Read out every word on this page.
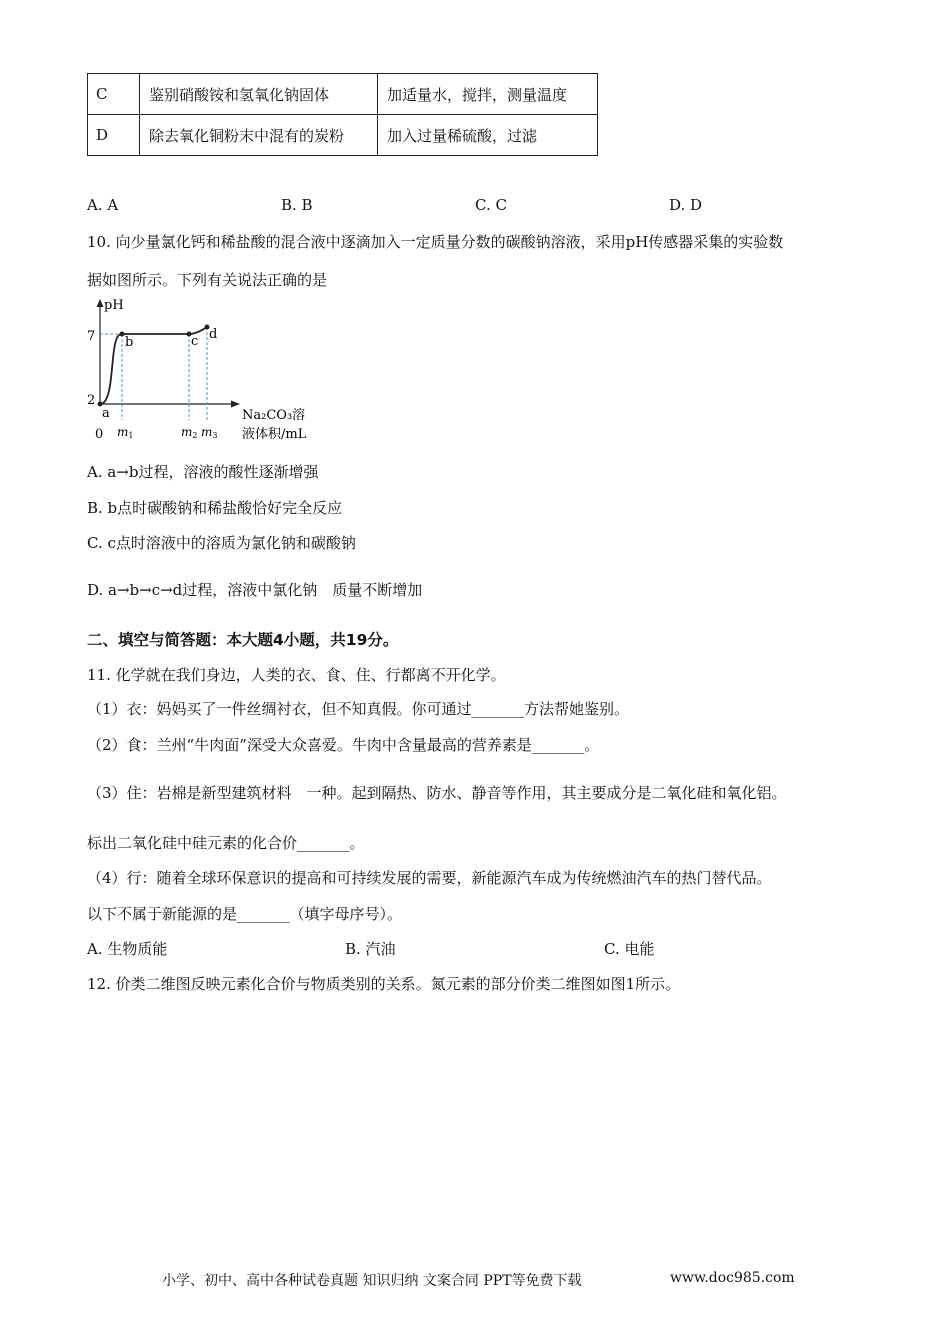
C	鉴别硝酸铵和氢氧化钠固体	加适量水，搅拌，测量温度
D	除去氧化铜粉末中混有的炭粉	加入过量稀硫酸，过滤
A. A	B. B	C. C	D. D
10. 向少量氯化钙和稀盐酸的混合液中逐滴加入一定质量分数的碳酸钠溶液，采用pH传感器采集的实验数
据如图所示。下列有关说法正确的是
pH
7
2
0
a
b	c d
m1	m2 m3
Na₂CO₃溶
液体积/mL
A. a→b过程，溶液的酸性逐渐增强
B. b点时碳酸钠和稀盐酸恰好完全反应
C. c点时溶液中的溶质为氯化钠和碳酸钠
D. a→b→c→d过程，溶液中氯化钠　质量不断增加
二、填空与简答题：本大题4小题，共19分。
11. 化学就在我们身边，人类的衣、食、住、行都离不开化学。
（1）衣：妈妈买了一件丝绸衬衣，但不知真假。你可通过_______方法帮她鉴别。
（2）食：兰州“牛肉面”深受大众喜爱。牛肉中含量最高的营养素是_______。
（3）住：岩棉是新型建筑材料　一种。起到隔热、防水、静音等作用，其主要成分是二氧化硅和氧化铝。
标出二氧化硅中硅元素的化合价_______。
（4）行：随着全球环保意识的提高和可持续发展的需要，新能源汽车成为传统燃油汽车的热门替代品。
以下不属于新能源的是_______（填字母序号）。
A. 生物质能	B. 汽油	C. 电能
12. 价类二维图反映元素化合价与物质类别的关系。氮元素的部分价类二维图如图1所示。
小学、初中、高中各种试卷真题 知识归纳 文案合同 PPT等免费下载	www.doc985.com
